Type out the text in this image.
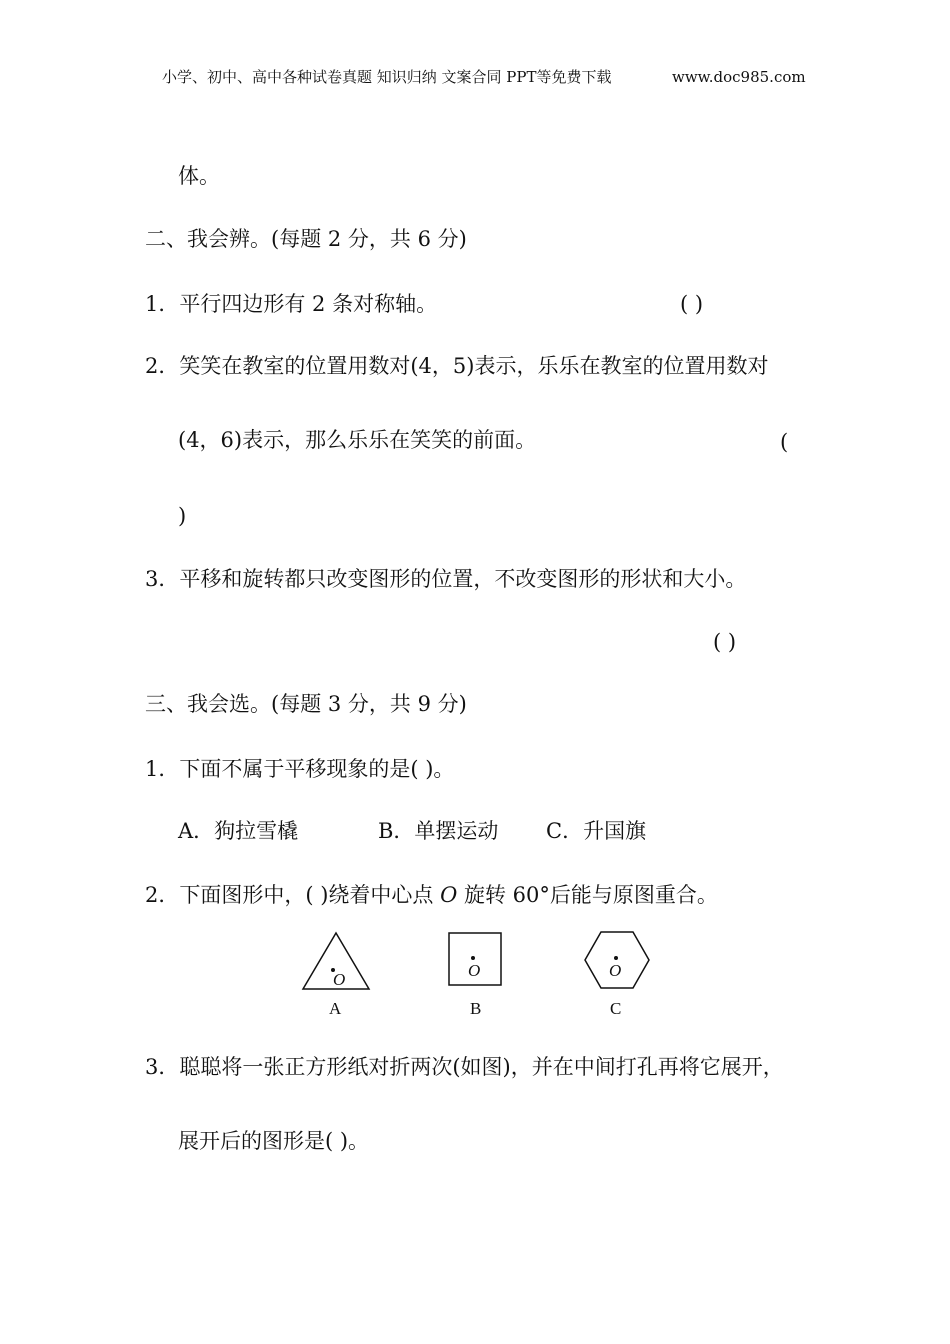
小学、初中、高中各种试卷真题 知识归纳 文案合同 PPT等免费下载	www.doc985.com
体。
二、我会辨。(每题 2 分，共 6 分)
1．平行四边形有 2 条对称轴。	( )
2．笑笑在教室的位置用数对(4，5)表示，乐乐在教室的位置用数对
(4，6)表示，那么乐乐在笑笑的前面。	(
)
3．平移和旋转都只改变图形的位置，不改变图形的形状和大小。
( )
三、我会选。(每题 3 分，共 9 分)
1．下面不属于平移现象的是( )。
A．狗拉雪橇	B．单摆运动 C．升国旗
2．下面图形中，( )绕着中心点 O 旋转 60°后能与原图重合。
O
A
O
B
O
C
3．聪聪将一张正方形纸对折两次(如图)，并在中间打孔再将它展开，
展开后的图形是( )。
